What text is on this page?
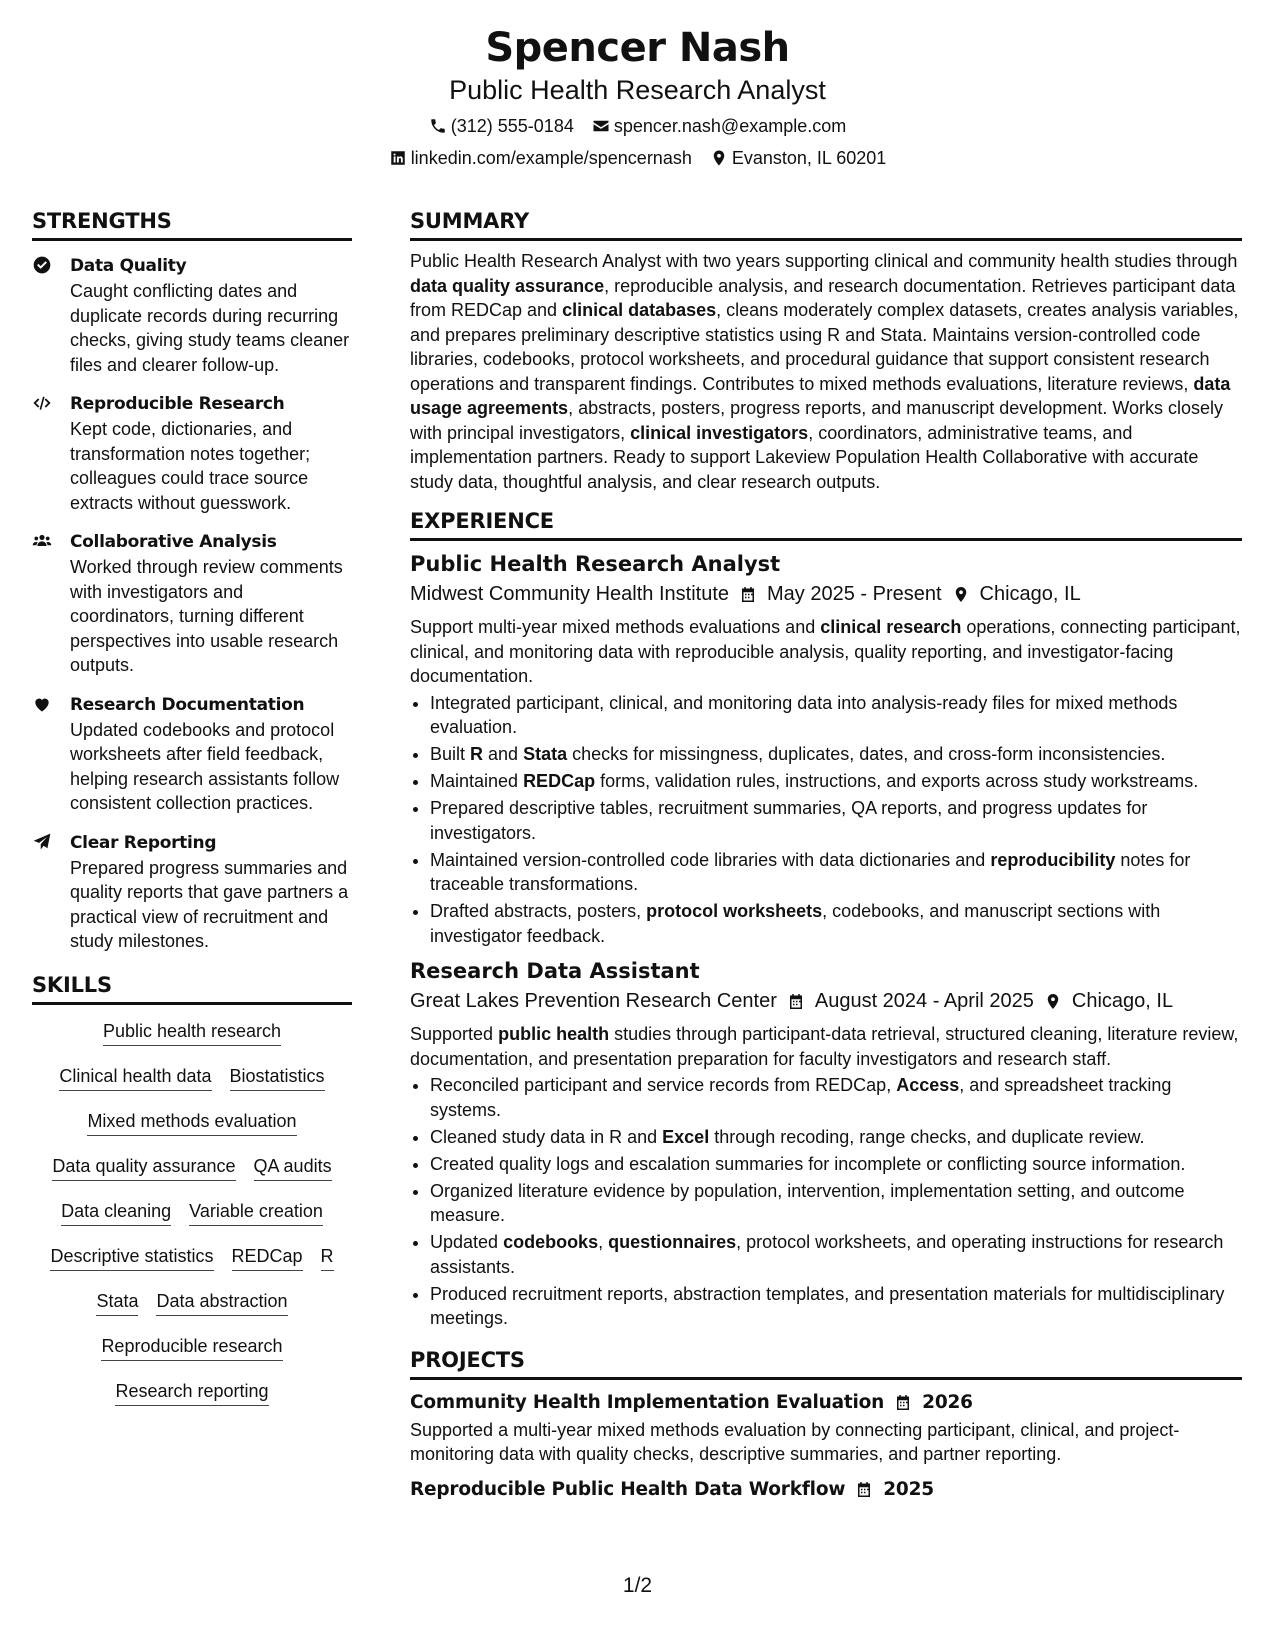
Spencer Nash
Public Health Research Analyst
(312) 555-0184 spencer.nash@example.com
linkedin.com/example/spencernash Evanston, IL 60201
STRENGTHS
Data Quality
Caught conflicting dates and duplicate records during recurring checks, giving study teams cleaner files and clearer follow-up.
Reproducible Research
Kept code, dictionaries, and transformation notes together; colleagues could trace source extracts without guesswork.
Collaborative Analysis
Worked through review comments with investigators and coordinators, turning different perspectives into usable research outputs.
Research Documentation
Updated codebooks and protocol worksheets after field feedback, helping research assistants follow consistent collection practices.
Clear Reporting
Prepared progress summaries and quality reports that gave partners a practical view of recruitment and study milestones.
SKILLS
Public health research
Clinical health data Biostatistics
Mixed methods evaluation
Data quality assurance QA audits
Data cleaning Variable creation
Descriptive statistics REDCap R
Stata Data abstraction
Reproducible research
Research reporting
SUMMARY
Public Health Research Analyst with two years supporting clinical and community health studies through data quality assurance, reproducible analysis, and research documentation. Retrieves participant data from REDCap and clinical databases, cleans moderately complex datasets, creates analysis variables, and prepares preliminary descriptive statistics using R and Stata. Maintains version-controlled code libraries, codebooks, protocol worksheets, and procedural guidance that support consistent research operations and transparent findings. Contributes to mixed methods evaluations, literature reviews, data usage agreements, abstracts, posters, progress reports, and manuscript development. Works closely with principal investigators, clinical investigators, coordinators, administrative teams, and implementation partners. Ready to support Lakeview Population Health Collaborative with accurate study data, thoughtful analysis, and clear research outputs.
EXPERIENCE
Public Health Research Analyst
Midwest Community Health Institute May 2025 - Present Chicago, IL
Support multi-year mixed methods evaluations and clinical research operations, connecting participant, clinical, and monitoring data with reproducible analysis, quality reporting, and investigator-facing documentation.
• Integrated participant, clinical, and monitoring data into analysis-ready files for mixed methods evaluation.
• Built R and Stata checks for missingness, duplicates, dates, and cross-form inconsistencies.
• Maintained REDCap forms, validation rules, instructions, and exports across study workstreams.
• Prepared descriptive tables, recruitment summaries, QA reports, and progress updates for investigators.
• Maintained version-controlled code libraries with data dictionaries and reproducibility notes for traceable transformations.
• Drafted abstracts, posters, protocol worksheets, codebooks, and manuscript sections with investigator feedback.
Research Data Assistant
Great Lakes Prevention Research Center August 2024 - April 2025 Chicago, IL
Supported public health studies through participant-data retrieval, structured cleaning, literature review, documentation, and presentation preparation for faculty investigators and research staff.
• Reconciled participant and service records from REDCap, Access, and spreadsheet tracking systems.
• Cleaned study data in R and Excel through recoding, range checks, and duplicate review.
• Created quality logs and escalation summaries for incomplete or conflicting source information.
• Organized literature evidence by population, intervention, implementation setting, and outcome measure.
• Updated codebooks, questionnaires, protocol worksheets, and operating instructions for research assistants.
• Produced recruitment reports, abstraction templates, and presentation materials for multidisciplinary meetings.
PROJECTS
Community Health Implementation Evaluation 2026
Supported a multi-year mixed methods evaluation by connecting participant, clinical, and project-monitoring data with quality checks, descriptive summaries, and partner reporting.
Reproducible Public Health Data Workflow 2025
1/2
